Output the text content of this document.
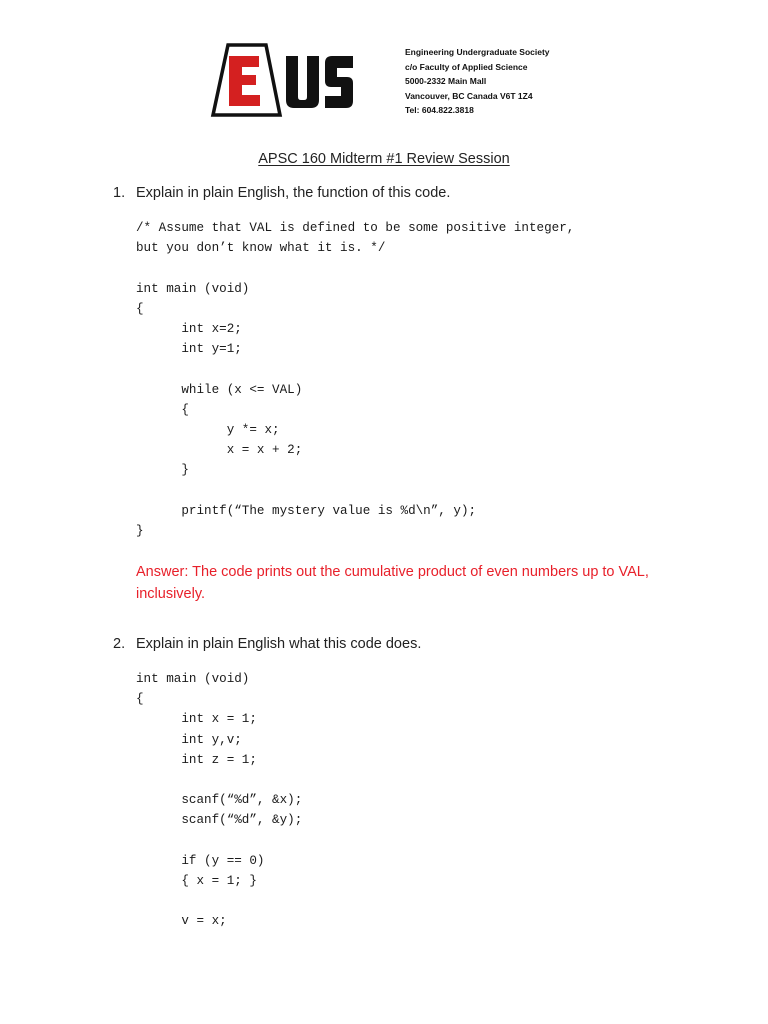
Engineering Undergraduate Society
c/o Faculty of Applied Science
5000-2332 Main Mall
Vancouver, BC Canada V6T 1Z4
Tel: 604.822.3818
APSC 160 Midterm #1 Review Session
1. Explain in plain English, the function of this code.
/* Assume that VAL is defined to be some positive integer,
but you don’t know what it is. */

int main (void)
{
int x=2;
int y=1;

while (x <= VAL)
{
y *= x;
x = x + 2;
}

printf(“The mystery value is %d\n”, y);
}
Answer: The code prints out the cumulative product of even numbers up to VAL, inclusively.
2. Explain in plain English what this code does.
int main (void)
{
int x = 1;
int y,v;
int z = 1;

scanf(“%d”, &x);
scanf(“%d”, &y);

if (y == 0)
{ x = 1; }

v = x;
